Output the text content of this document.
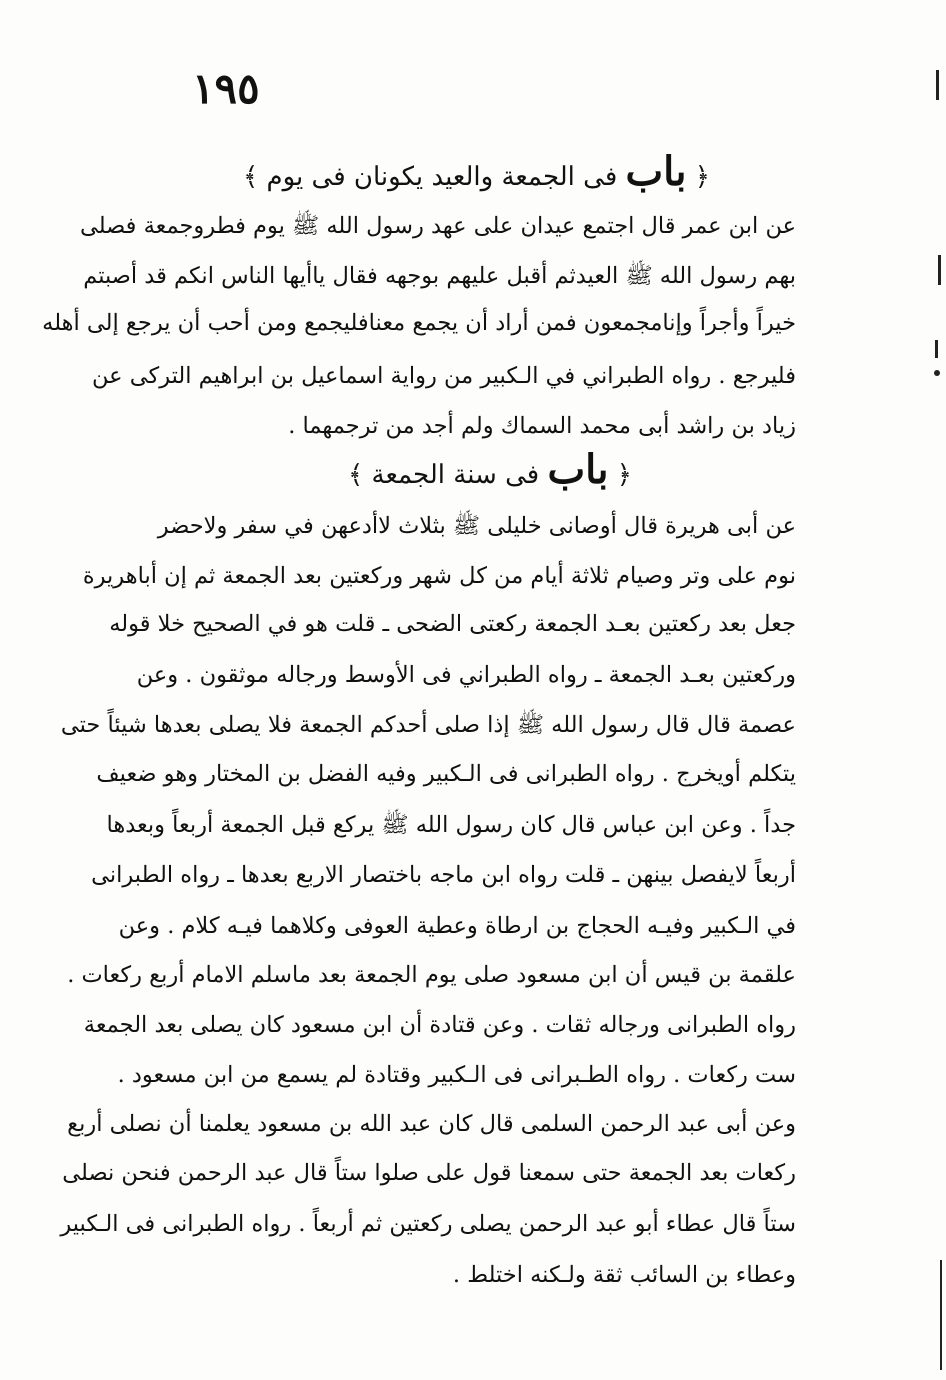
١٩٥
﴿ باب فى الجمعة والعيد يكونان فى يوم ﴾
عن ابن عمر قال اجتمع عيدان على عهد رسول الله ﷺ يوم فطروجمعة فصلى
بهم رسول الله ﷺ العيدثم أقبل عليهم بوجهه فقال ياأيها الناس انكم قد أصبتم
خيراً وأجراً وإنامجمعون فمن أراد أن يجمع معنافليجمع ومن أحب أن يرجع إلى أهله
فليرجع . رواه الطبراني في الـكبير من رواية اسماعيل بن ابراهيم التركى عن
زياد بن راشد أبى محمد السماك ولم أجد من ترجمهما .
﴿ باب فى سنة الجمعة ﴾
عن أبى هريرة قال أوصانى خليلى ﷺ بثلاث لاأدعهن في سفر ولاحضر
نوم على وتر وصيام ثلاثة أيام من كل شهر وركعتين بعد الجمعة ثم إن أباهريرة
جعل بعد ركعتين بعـد الجمعة ركعتى الضحى ـ قلت هو في الصحيح خلا قوله
وركعتين بعـد الجمعة ـ رواه الطبراني فى الأوسط ورجاله موثقون . وعن
عصمة قال قال رسول الله ﷺ إذا صلى أحدكم الجمعة فلا يصلى بعدها شيئاً حتى
يتكلم أويخرج . رواه الطبرانى فى الـكبير وفيه الفضل بن المختار وهو ضعيف
جداً . وعن ابن عباس قال كان رسول الله ﷺ يركع قبل الجمعة أربعاً وبعدها
أربعاً لايفصل بينهن ـ قلت رواه ابن ماجه باختصار الاربع بعدها ـ رواه الطبرانى
في الـكبير وفيـه الحجاج بن ارطاة وعطية العوفى وكلاهما فيـه كلام . وعن
علقمة بن قيس أن ابن مسعود صلى يوم الجمعة بعد ماسلم الامام أربع ركعات .
رواه الطبرانى ورجاله ثقات . وعن قتادة أن ابن مسعود كان يصلى بعد الجمعة
ست ركعات . رواه الطـبرانى فى الـكبير وقتادة لم يسمع من ابن مسعود .
وعن أبى عبد الرحمن السلمى قال كان عبد الله بن مسعود يعلمنا أن نصلى أربع
ركعات بعد الجمعة حتى سمعنا قول على صلوا ستاً قال عبد الرحمن فنحن نصلى
ستاً قال عطاء أبو عبد الرحمن يصلى ركعتين ثم أربعاً . رواه الطبرانى فى الـكبير
وعطاء بن السائب ثقة ولـكنه اختلط .
